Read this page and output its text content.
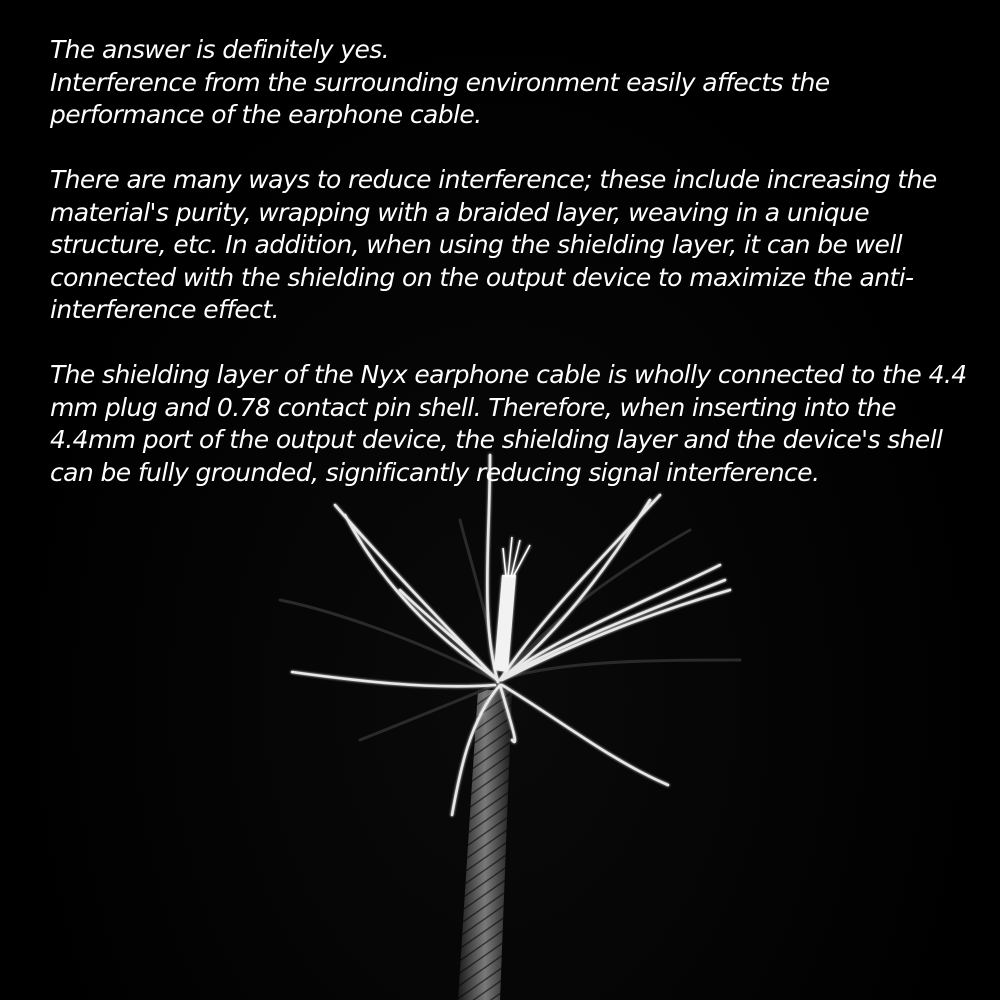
The answer is definitely yes.
Interference from the surrounding environment easily affects the performance of the earphone cable.

There are many ways to reduce interference; these include increasing the material's purity, wrapping with a braided layer, weaving in a unique structure, etc. In addition, when using the shielding layer, it can be well connected with the shielding on the output device to maximize the anti-interference effect.

The shielding layer of the Nyx earphone cable is wholly connected to the 4.4 mm plug and 0.78 contact pin shell. Therefore, when inserting into the 4.4mm port of the output device, the shielding layer and the device's shell can be fully grounded, significantly reducing signal interference.
